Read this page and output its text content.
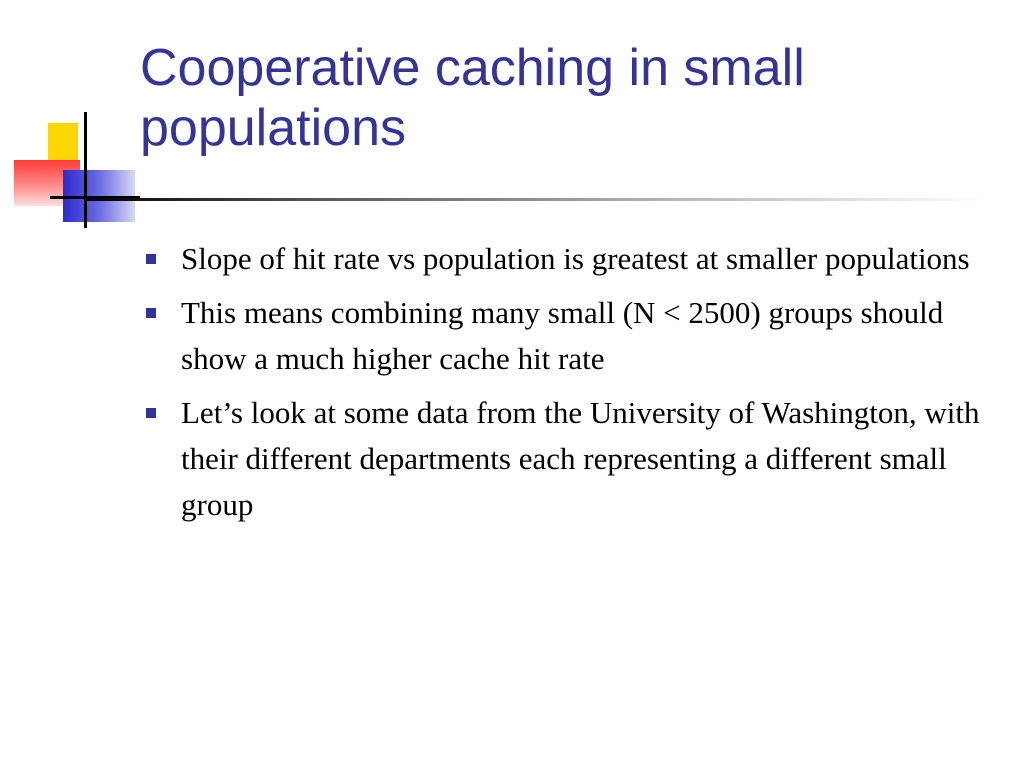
Cooperative caching in small populations
Slope of hit rate vs population is greatest at smaller populations
This means combining many small (N < 2500) groups should show a much higher cache hit rate
Let’s look at some data from the University of Washington, with their different departments each representing a different small group
